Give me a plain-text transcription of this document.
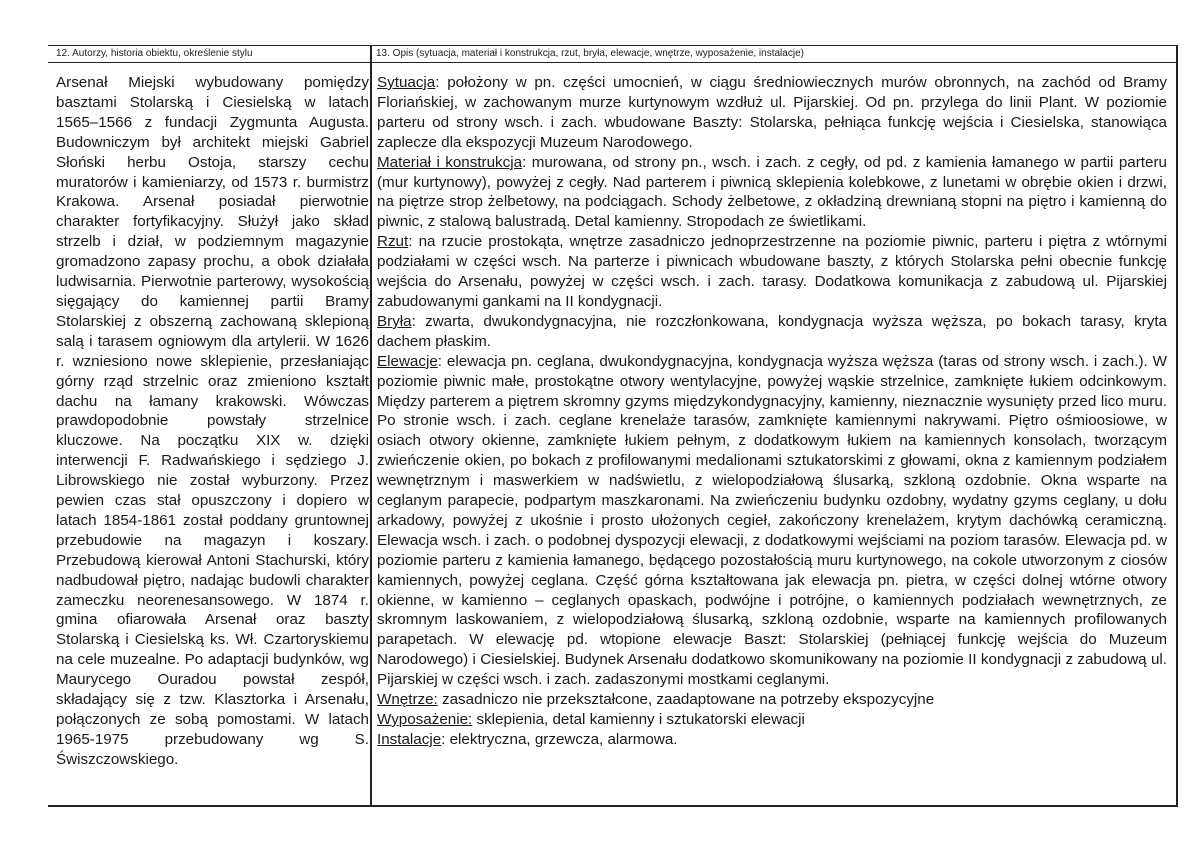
12. Autorzy, historia obiektu, określenie stylu	13. Opis (sytuacja, materiał i konstrukcja, rzut, bryła, elewacje, wnętrze, wyposażenie, instalacje)

Arsenał Miejski wybudowany pomiędzy basztami Stolarską i Ciesielską w latach 1565–1566 z fundacji Zygmunta Augusta. Budowniczym był architekt miejski Gabriel Słoński herbu Ostoja, starszy cechu muratorów i kamieniarzy, od 1573 r. burmistrz Krakowa. Arsenał posiadał pierwotnie charakter fortyfikacyjny. Służył jako skład strzelb i dział, w podziemnym magazynie gromadzono zapasy prochu, a obok działała ludwisarnia. Pierwotnie parterowy, wysokością sięgający do kamiennej partii Bramy Stolarskiej z obszerną zachowaną sklepioną salą i tarasem ogniowym dla artylerii. W 1626 r. wzniesiono nowe sklepienie, przesłaniając górny rząd strzelnic oraz zmieniono kształt dachu na łamany krakowski. Wówczas prawdopodobnie powstały strzelnice kluczowe. Na początku XIX w. dzięki interwencji F. Radwańskiego i sędziego J. Librowskiego nie został wyburzony. Przez pewien czas stał opuszczony i dopiero w latach 1854-1861 został poddany gruntownej przebudowie na magazyn i koszary. Przebudową kierował Antoni Stachurski, który nadbudował piętro, nadając budowli charakter zameczku neorenesansowego. W 1874 r. gmina ofiarowała Arsenał oraz baszty Stolarską i Ciesielską ks. Wł. Czartoryskiemu na cele muzealne. Po adaptacji budynków, wg Maurycego Ouradou powstał zespół, składający się z tzw. Klasztorka i Arsenału, połączonych ze sobą pomostami. W latach 1965-1975 przebudowany wg S. Świszczowskiego.

Sytuacja: położony w pn. części umocnień, w ciągu średniowiecznych murów obronnych, na zachód od Bramy Floriańskiej, w zachowanym murze kurtynowym wzdłuż ul. Pijarskiej. Od pn. przylega do linii Plant. W poziomie parteru od strony wsch. i zach. wbudowane Baszty: Stolarska, pełniąca funkcję wejścia i Ciesielska, stanowiąca zaplecze dla ekspozycji Muzeum Narodowego.

Materiał i konstrukcja: murowana, od strony pn., wsch. i zach. z cegły, od pd. z kamienia łamanego w partii parteru (mur kurtynowy), powyżej z cegły. Nad parterem i piwnicą sklepienia kolebkowe, z lunetami w obrębie okien i drzwi, na piętrze strop żelbetowy, na podciągach. Schody żelbetowe, z okładziną drewnianą stopni na piętro i kamienną do piwnic, z stalową balustradą. Detal kamienny. Stropodach ze świetlikami.

Rzut: na rzucie prostokąta, wnętrze zasadniczo jednoprzestrzenne na poziomie piwnic, parteru i piętra z wtórnymi podziałami w części wsch. Na parterze i piwnicach wbudowane baszty, z których Stolarska pełni obecnie funkcję wejścia do Arsenału, powyżej w części wsch. i zach. tarasy. Dodatkowa komunikacja z zabudową ul. Pijarskiej zabudowanymi gankami na II kondygnacji.

Bryła: zwarta, dwukondygnacyjna, nie rozczłonkowana, kondygnacja wyższa węższa, po bokach tarasy, kryta dachem płaskim.

Elewacje: elewacja pn. ceglana, dwukondygnacyjna, kondygnacja wyższa węższa (taras od strony wsch. i zach.). W poziomie piwnic małe, prostokątne otwory wentylacyjne, powyżej wąskie strzelnice, zamknięte łukiem odcinkowym. Między parterem a piętrem skromny gzyms międzykondygnacyjny, kamienny, nieznacznie wysunięty przed lico muru. Po stronie wsch. i zach. ceglane krenelaże tarasów, zamknięte kamiennymi nakrywami. Piętro ośmioosiowe, w osiach otwory okienne, zamknięte łukiem pełnym, z dodatkowym łukiem na kamiennych konsolach, tworzącym zwieńczenie okien, po bokach z profilowanymi medalionami sztukatorskimi z głowami, okna z kamiennym podziałem wewnętrznym i maswerkiem w nadświetlu, z wielopodziałową ślusarką, szkloną ozdobnie. Okna wsparte na ceglanym parapecie, podpartym maszkaronami. Na zwieńczeniu budynku ozdobny, wydatny gzyms ceglany, u dołu arkadowy, powyżej z ukośnie i prosto ułożonych cegieł, zakończony krenelażem, krytym dachówką ceramiczną. Elewacja wsch. i zach. o podobnej dyspozycji elewacji, z dodatkowymi wejściami na poziom tarasów. Elewacja pd. w poziomie parteru z kamienia łamanego, będącego pozostałością muru kurtynowego, na cokole utworzonym z ciosów kamiennych, powyżej ceglana. Część górna kształtowana jak elewacja pn. pietra, w części dolnej wtórne otwory okienne, w kamienno – ceglanych opaskach, podwójne i potrójne, o kamiennych podziałach wewnętrznych, ze skromnym laskowaniem, z wielopodziałową ślusarką, szkloną ozdobnie, wsparte na kamiennych profilowanych parapetach. W elewację pd. wtopione elewacje Baszt: Stolarskiej (pełniącej funkcję wejścia do Muzeum Narodowego) i Ciesielskiej. Budynek Arsenału dodatkowo skomunikowany na poziomie II kondygnacji z zabudową ul. Pijarskiej w części wsch. i zach. zadaszonymi mostkami ceglanymi.

Wnętrze: zasadniczo nie przekształcone, zaadaptowane na potrzeby ekspozycyjne

Wyposażenie: sklepienia, detal kamienny i sztukatorski elewacji

Instalacje: elektryczna, grzewcza, alarmowa.
